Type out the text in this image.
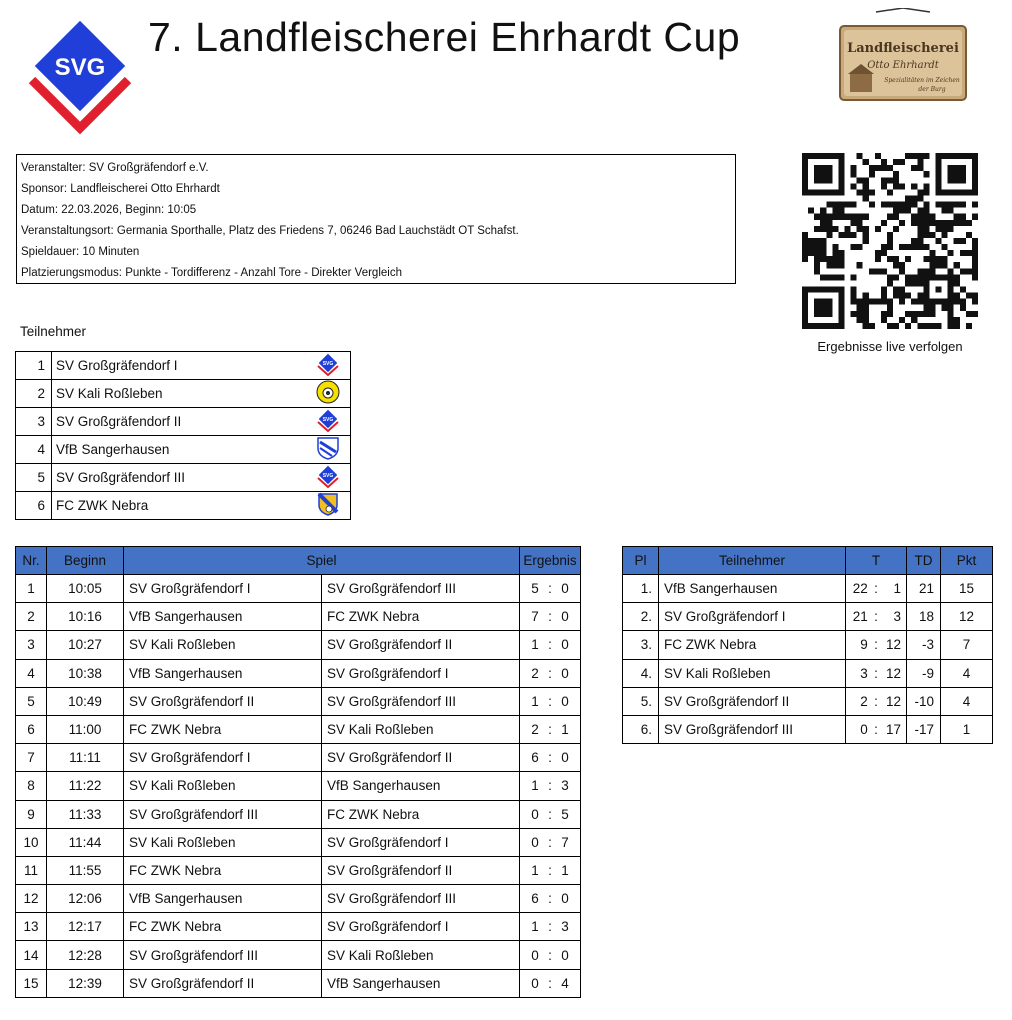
SVG
7. Landfleischerei Ehrhardt Cup	Landfleischerei
Otto Ehrhardt
Spezialitäten im Zeichen
der Burg
Veranstalter: SV Großgräfendorf e.V.
Sponsor: Landfleischerei Otto Ehrhardt
Datum: 22.03.2026, Beginn: 10:05
Veranstaltungsort: Germania Sporthalle, Platz des Friedens 7, 06246 Bad Lauchstädt OT Schafst.
Spieldauer: 10 Minuten
Platzierungsmodus: Punkte - Tordifferenz - Anzahl Tore - Direkter Vergleich
Ergebnisse live verfolgen
Teilnehmer
1	SV Großgräfendorf I	SVG

2	SV Kali Roßleben	
3	SV Großgräfendorf II	SVG

4	VfB Sangerhausen	
5	SV Großgräfendorf III	SVG

6	FC ZWK Nebra	
Nr.	Beginn	Spiel		Ergebnis
1	10:05	SV Großgräfendorf I	SV Großgräfendorf III	5 : 0
2	10:16	VfB Sangerhausen	FC ZWK Nebra	7 : 0
3	10:27	SV Kali Roßleben	SV Großgräfendorf II	1 : 0
4	10:38	VfB Sangerhausen	SV Großgräfendorf I	2 : 0
5	10:49	SV Großgräfendorf II	SV Großgräfendorf III	1 : 0
6	11:00	FC ZWK Nebra	SV Kali Roßleben	2 : 1
7	11:11	SV Großgräfendorf I	SV Großgräfendorf II	6 : 0
8	11:22	SV Kali Roßleben	VfB Sangerhausen	1 : 3
9	11:33	SV Großgräfendorf III	FC ZWK Nebra	0 : 5
10	11:44	SV Kali Roßleben	SV Großgräfendorf I	0 : 7
11	11:55	FC ZWK Nebra	SV Großgräfendorf II	1 : 1
12	12:06	VfB Sangerhausen	SV Großgräfendorf III	6 : 0
13	12:17	FC ZWK Nebra	SV Großgräfendorf I	1 : 3
14	12:28	SV Großgräfendorf III	SV Kali Roßleben	0 : 0
15	12:39	SV Großgräfendorf II	VfB Sangerhausen	0 : 4
Pl	Teilnehmer	T			TD	Pkt
1.	VfB Sangerhausen	22	:	1	21	15
2.	SV Großgräfendorf I	21	:	3	18	12
3.	FC ZWK Nebra	9	:	12	-3	7
4.	SV Kali Roßleben	3	:	12	-9	4
5.	SV Großgräfendorf II	2	:	12	-10	4
6.	SV Großgräfendorf III	0	:	17	-17	1
